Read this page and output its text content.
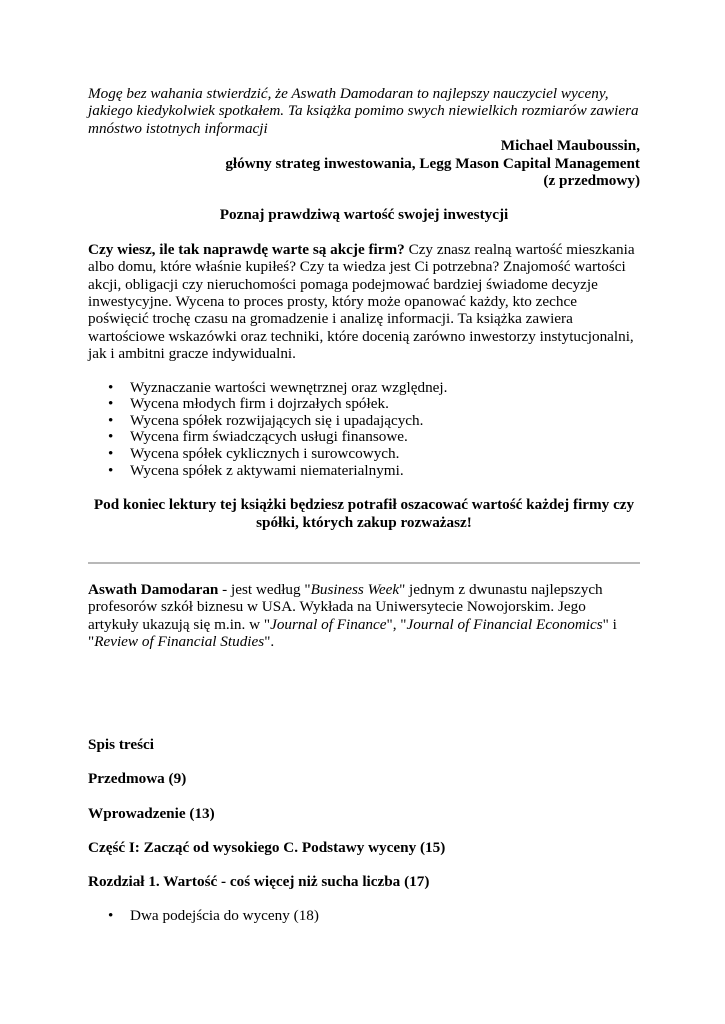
Mogę bez wahania stwierdzić, że Aswath Damodaran to najlepszy nauczyciel wyceny, jakiego kiedykolwiek spotkałem. Ta książka pomimo swych niewielkich rozmiarów zawiera mnóstwo istotnych informacji

Michael Mauboussin,

główny strateg inwestowania, Legg Mason Capital Management

(z przedmowy)

Poznaj prawdziwą wartość swojej inwestycji

Czy wiesz, ile tak naprawdę warte są akcje firm? Czy znasz realną wartość mieszkania albo domu, które właśnie kupiłeś? Czy ta wiedza jest Ci potrzebna? Znajomość wartości akcji, obligacji czy nieruchomości pomaga podejmować bardziej świadome decyzje inwestycyjne. Wycena to proces prosty, który może opanować każdy, kto zechce poświęcić trochę czasu na gromadzenie i analizę informacji. Ta książka zawiera wartościowe wskazówki oraz techniki, które docenią zarówno inwestorzy instytucjonalni, jak i ambitni gracze indywidualni.

• Wyznaczanie wartości wewnętrznej oraz względnej.
• Wycena młodych firm i dojrzałych spółek.
• Wycena spółek rozwijających się i upadających.
• Wycena firm świadczących usługi finansowe.
• Wycena spółek cyklicznych i surowcowych.
• Wycena spółek z aktywami niematerialnymi.

Pod koniec lektury tej książki będziesz potrafił oszacować wartość każdej firmy czy spółki, których zakup rozważasz!

Aswath Damodaran - jest według "Business Week" jednym z dwunastu najlepszych profesorów szkół biznesu w USA. Wykłada na Uniwersytecie Nowojorskim. Jego artykuły ukazują się m.in. w "Journal of Finance", "Journal of Financial Economics" i "Review of Financial Studies".

Spis treści

Przedmowa (9)

Wprowadzenie (13)

Część I: Zacząć od wysokiego C. Podstawy wyceny (15)

Rozdział 1. Wartość - coś więcej niż sucha liczba (17)

• Dwa podejścia do wyceny (18)
